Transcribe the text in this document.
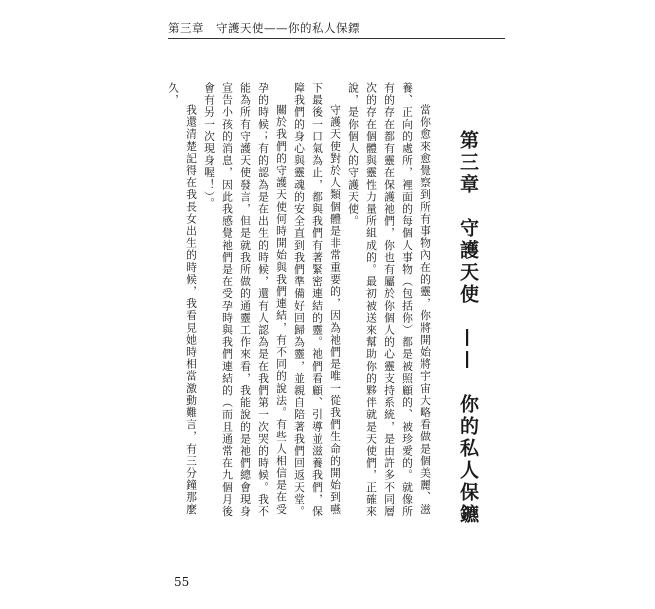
第三章　守護天使——你的私人保鏢
第三章　守護天使　——　你的私人保鑣

當你愈來愈覺察到所有事物內在的靈，你將開始將宇宙大略看做是個美麗、滋養、正向的處所，裡面的每個人事物（包括你）都是被照顧的、被珍愛的。就像所有的存在都有靈在保護祂們，你也有屬於你個人的心靈支持系統，是由許多不同層次的存在個體與靈性力量所組成的。最初被送來幫助你的夥伴就是天使們，正確來說，是你個人的守護天使。

守護天使對於人類個體是非常重要的，因為祂們是唯一從我們生命的開始到嚥下最後一口氣為止，都與我們有著緊密連結的靈。祂們看顧、引導並滋養我們，保障我們的身心與靈魂的安全直到我們準備好回歸為靈，並親自陪著我們回返天堂。

關於我們的守護天使何時開始與我們連結，有不同的說法。有些人相信是在受孕的時候；有的認為是在出生的時候，還有人認為是在我們第一次哭的時候。我不能為所有守護天使發言，但是就我所做的通靈工作來看，我能說的是祂們總會現身宣告小孩的消息，因此我感覺祂們是在受孕時與我們連結的（而且通常在九個月後會有另一次現身喔！）。

我還清楚記得在我長女出生的時候，我看見她時相當激動難言，有三分鐘那麼久，

55
